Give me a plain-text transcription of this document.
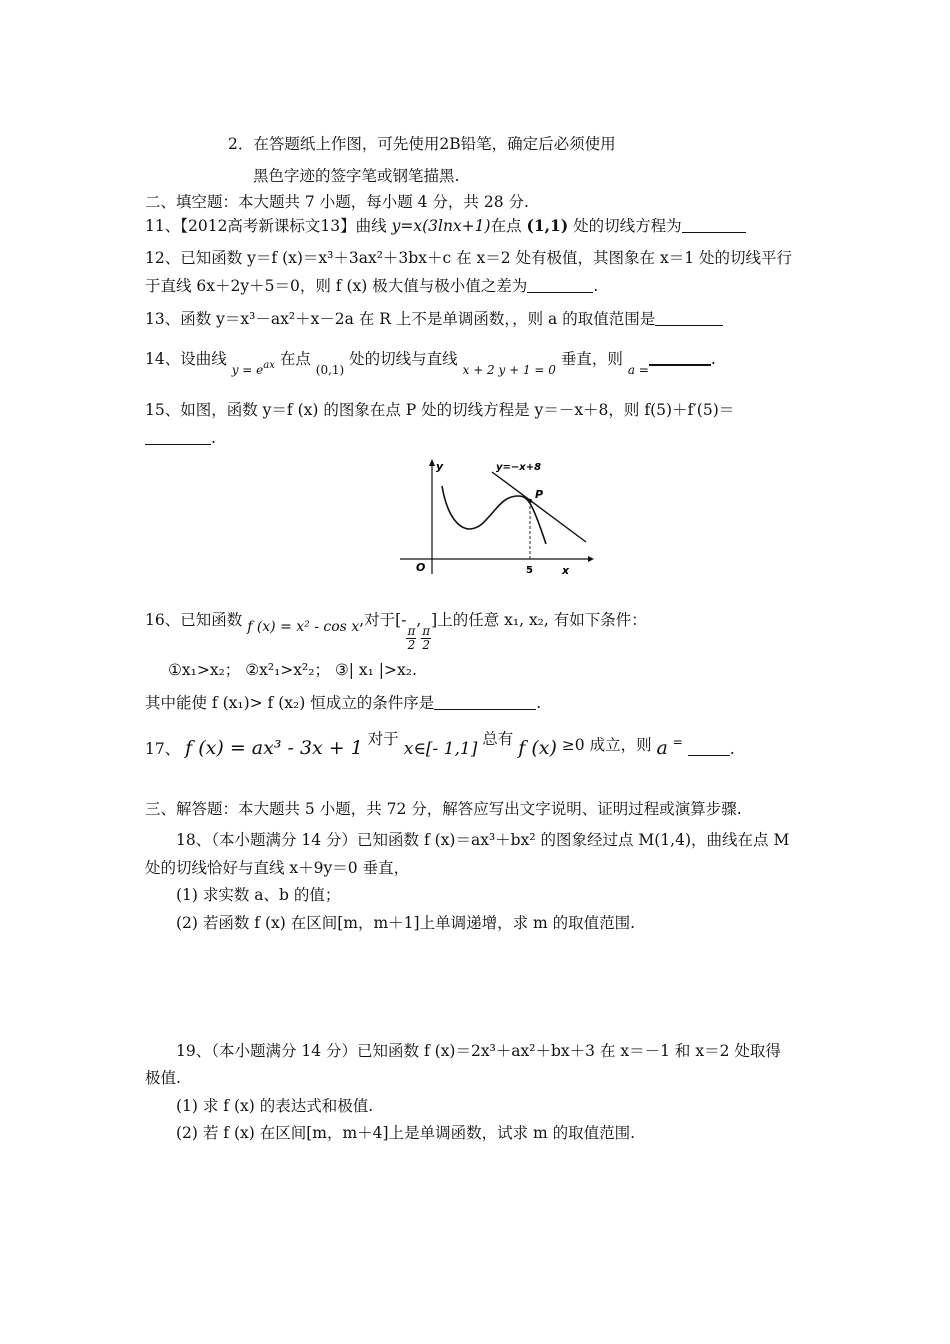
2．在答题纸上作图，可先使用2B铅笔，确定后必须使用
黑色字迹的签字笔或钢笔描黑.
二、填空题：本大题共 7 小题，每小题 4 分，共 28 分.
11、【2012高考新课标文13】曲线 y=x(3lnx+1)在点 (1,1) 处的切线方程为
12、已知函数 y＝f (x)＝x³＋3ax²＋3bx＋c 在 x＝2 处有极值，其图象在 x＝1 处的切线平行
于直线 6x＋2y＋5＝0，则 f (x) 极大值与极小值之差为	.
13、函数 y＝x³－ax²＋x－2a 在 R 上不是单调函数，，则 a 的取值范围是
14、设曲线 $_{y = e^{ax}}$ 在点 $_{(0,1)}$ 处的切线与直线 $_{x + 2 y + 1 = 0}$ 垂直，则 $_{a =}$.
15、如图，函数 y＝f (x) 的图象在点 P 处的切线方程是 y＝－x＋8，则 f(5)＋f′(5)＝
.
y
x
O	5
P
y=−x+8
16、已知函数 f (x) = x² - cos x,对于[-
$\frac{\pi}{2}$
,
$\frac{\pi}{2}$
]上的任意 x₁, x₂, 有如下条件：
①x₁>x₂； ②x²₁>x²₂； ③| x₁ |>x₂.
其中能使 f (x₁)> f (x₂) 恒成立的条件序是	.
17、 f (x) = ax³ - 3x + 1 对于 x∈[- 1,1] 总有 f (x) ≥0 成立，则 a =	.
三、解答题：本大题共 5 小题，共 72 分，解答应写出文字说明、证明过程或演算步骤.
18、（本小题满分 14 分）已知函数 f (x)＝ax³＋bx² 的图象经过点 M(1,4)，曲线在点 M
处的切线恰好与直线 x＋9y＝0 垂直，
(1) 求实数 a、b 的值；
(2) 若函数 f (x) 在区间[m，m＋1]上单调递增，求 m 的取值范围.
19、（本小题满分 14 分）已知函数 f (x)＝2x³＋ax²＋bx＋3 在 x＝－1 和 x＝2 处取得
极值.
(1) 求 f (x) 的表达式和极值.
(2) 若 f (x) 在区间[m，m＋4]上是单调函数，试求 m 的取值范围.
